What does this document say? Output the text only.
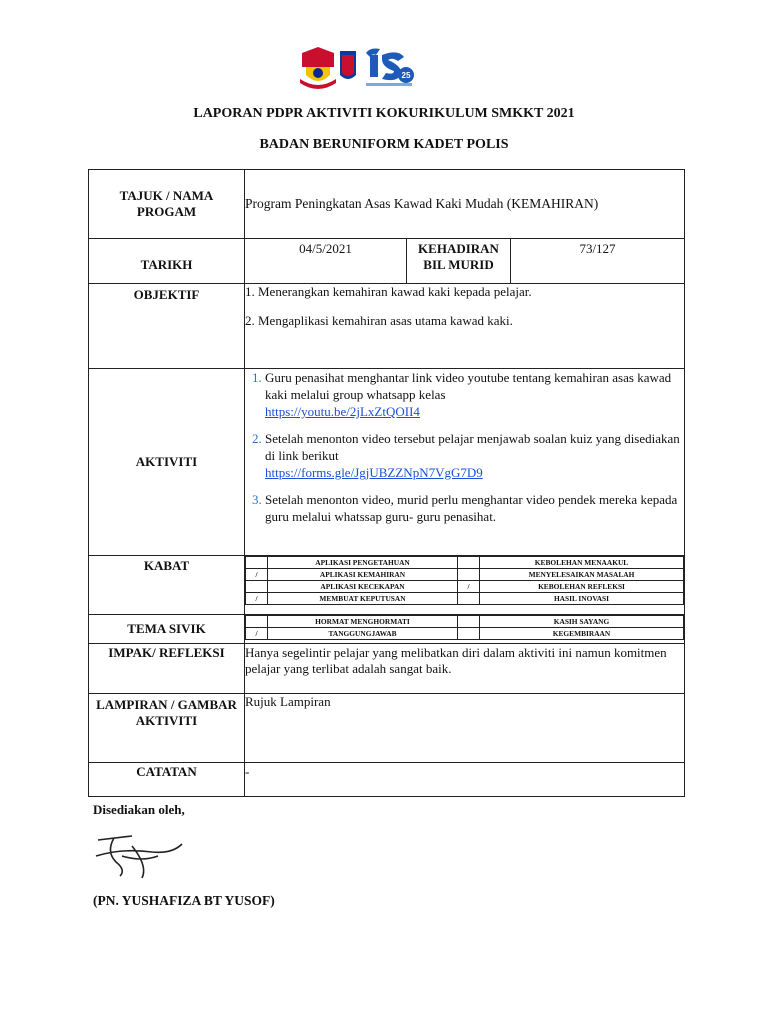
25
LAPORAN PDPR AKTIVITI KOKURIKULUM SMKKT 2021
BADAN BERUNIFORM KADET POLIS
TAJUK / NAMA PROGAM	Program Peningkatan Asas Kawad Kaki Mudah (KEMAHIRAN)
TARIKH	04/5/2021	KEHADIRAN BIL MURID	73/127
OBJEKTIF	1. Menerangkan kemahiran kawad kaki kepada pelajar.
2. Mengaplikasi kemahiran asas utama kawad kaki.

AKTIVITI	
1. Guru penasihat menghantar link video youtube tentang kemahiran asas kawad kaki melalui group whatsapp kelas
https://youtu.be/2jLxZtQOII4
2. Setelah menonton video tersebut pelajar menjawab soalan kuiz yang disediakan di link berikut
https://forms.gle/JgjUBZZNpN7VgG7D9
3. Setelah menonton video, murid perlu menghantar video pendek mereka kepada guru melalui whatssap guru- guru penasihat.

KABAT	
		APLIKASI PENGETAHUAN		KEBOLEHAN MENAAKUL
/	APLIKASI KEMAHIRAN		MENYELESAIKAN MASALAH
	APLIKASI KECEKAPAN	/	KEBOLEHAN REFLEKSI
/	MEMBUAT KEPUTUSAN		HASIL INOVASI

TEMA SIVIK	
		HORMAT MENGHORMATI		KASIH SAYANG
/	TANGGUNGJAWAB		KEGEMBIRAAN

IMPAK/ REFLEKSI	Hanya segelintir pelajar yang melibatkan diri dalam aktiviti ini namun komitmen pelajar yang terlibat adalah sangat baik.
LAMPIRAN / GAMBAR AKTIVITI	Rujuk Lampiran
CATATAN	-
Disediakan oleh,
(PN. YUSHAFIZA BT YUSOF)
